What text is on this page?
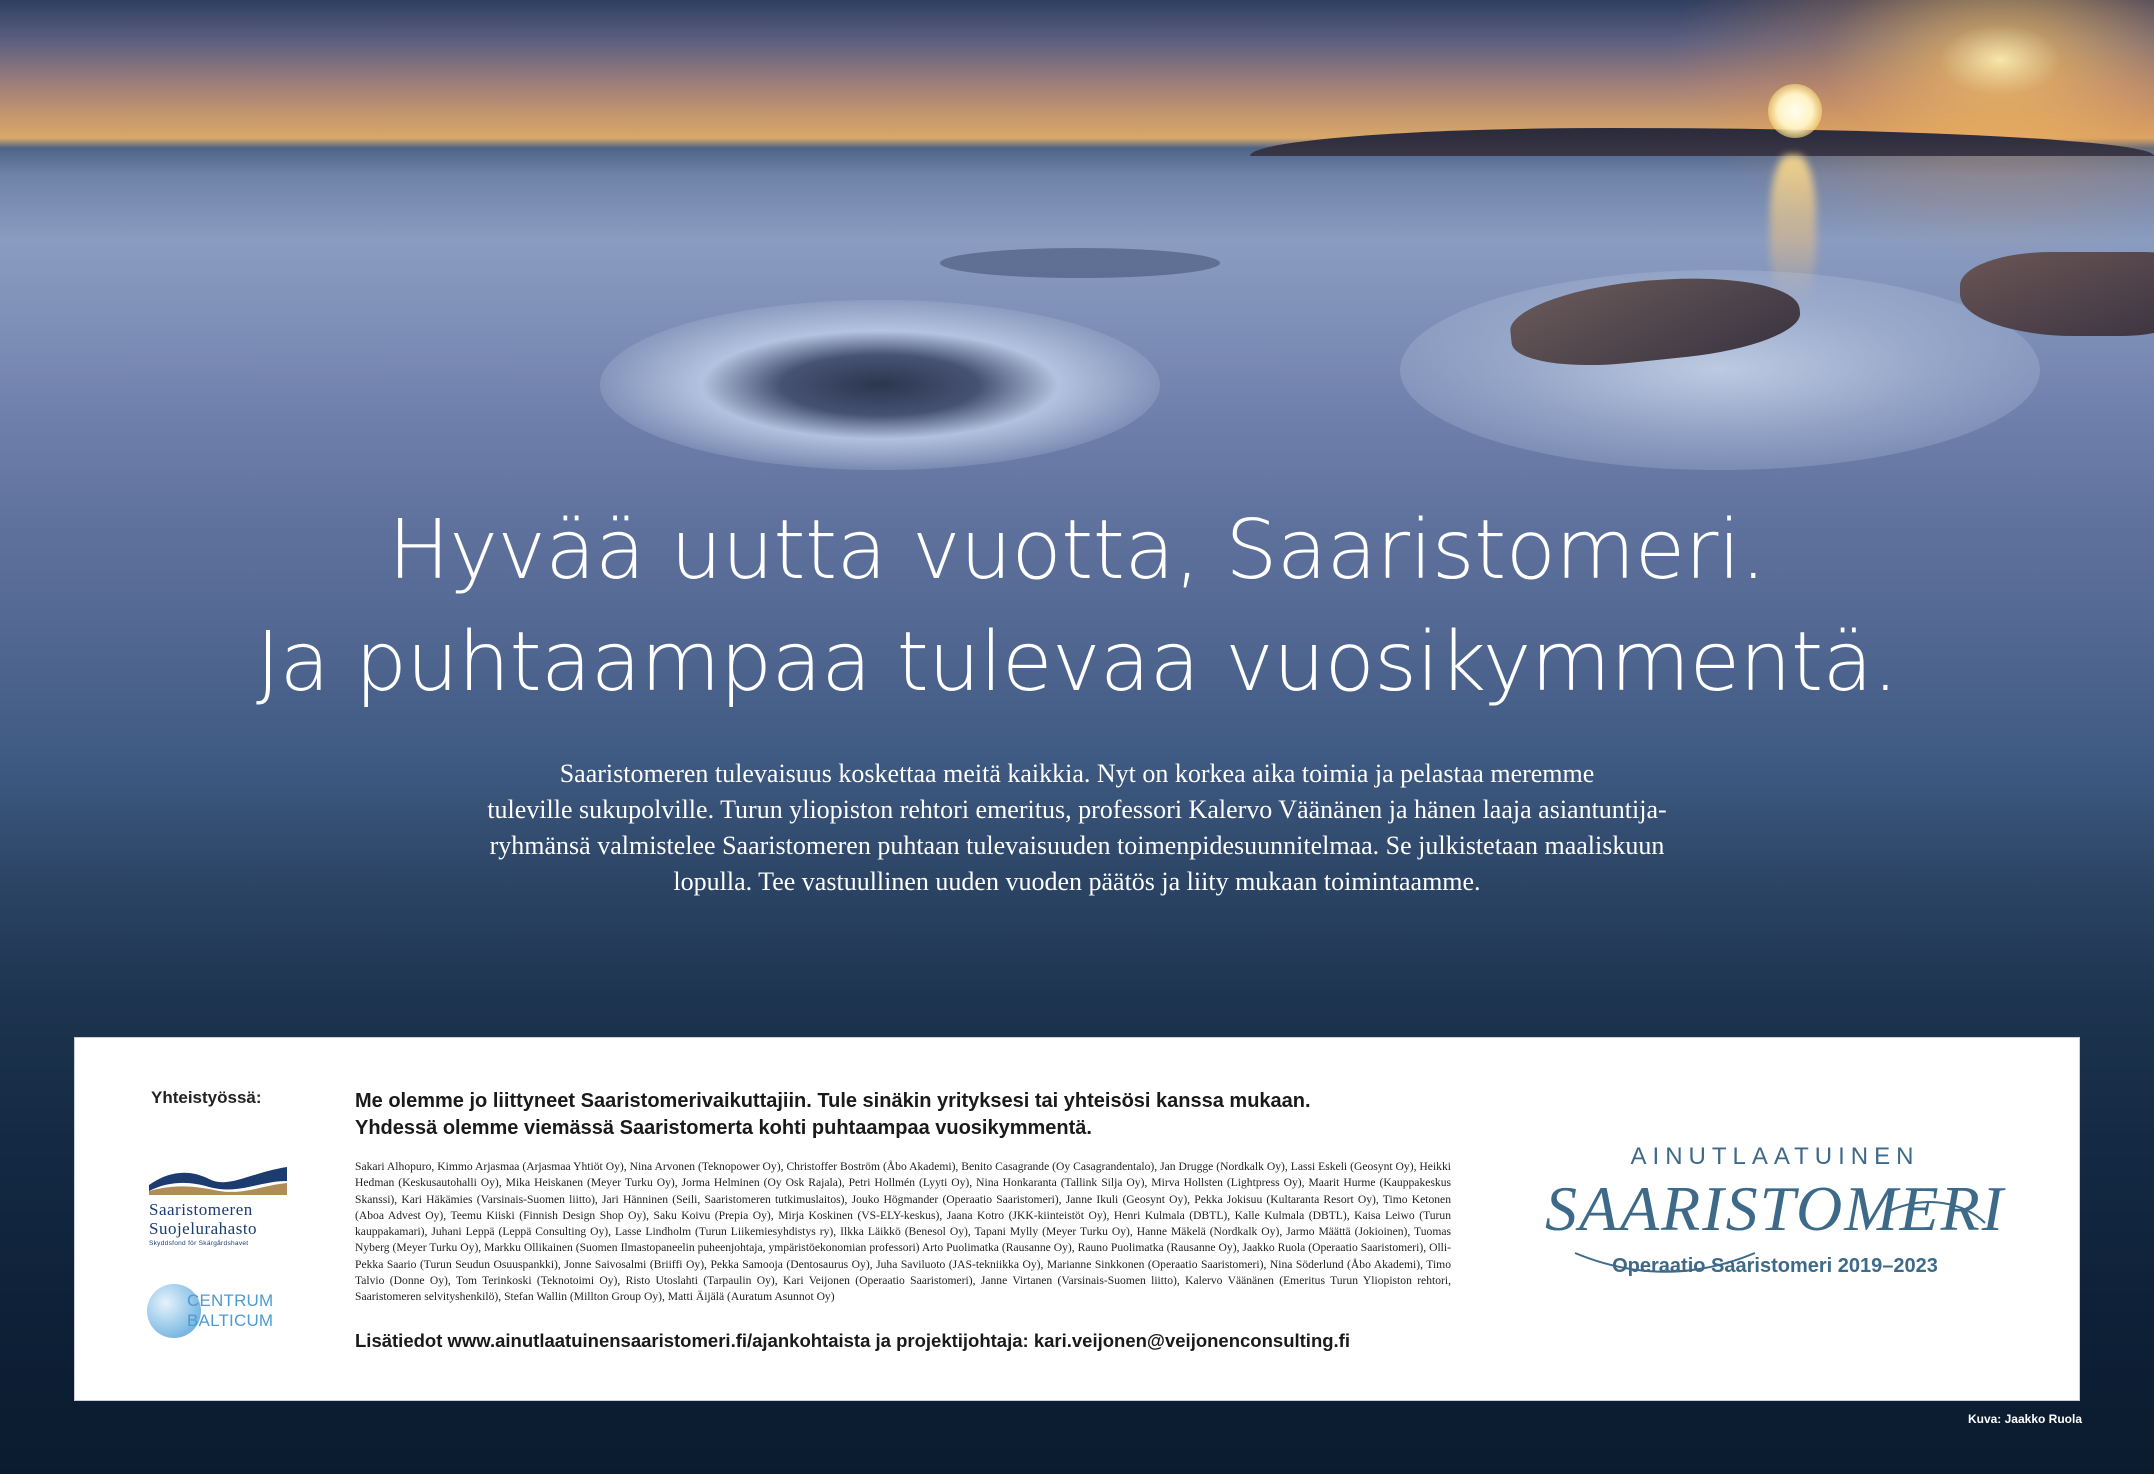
Hyvää uutta vuotta, Saaristomeri.
Ja puhtaampaa tulevaa vuosikymmentä.
Saaristomeren tulevaisuus koskettaa meitä kaikkia. Nyt on korkea aika toimia ja pelastaa meremme
tuleville sukupolville. Turun yliopiston rehtori emeritus, professori Kalervo Väänänen ja hänen laaja asiantuntija-
ryhmänsä valmistelee Saaristomeren puhtaan tulevaisuuden toimenpidesuunnitelmaa. Se julkistetaan maaliskuun
lopulla. Tee vastuullinen uuden vuoden päätös ja liity mukaan toimintaamme.
Yhteistyössä:
Saaristomeren
Suojelurahasto
Skyddsfond för Skärgårdshavet
CENTRUM
BALTICUM
Me olemme jo liittyneet Saaristomerivaikuttajiin. Tule sinäkin yrityksesi tai yhteisösi kanssa mukaan.
Yhdessä olemme viemässä Saaristomerta kohti puhtaampaa vuosikymmentä.
Sakari Alhopuro, Kimmo Arjasmaa (Arjasmaa Yhtiöt Oy), Nina Arvonen (Teknopower Oy), Christoffer Boström (Åbo Akademi), Benito Casagrande (Oy Casagrandentalo), Jan Drugge (Nordkalk Oy), Lassi Eskeli (Geosynt Oy), Heikki Hedman (Keskusautohalli Oy), Mika Heiskanen (Meyer Turku Oy), Jorma Helminen (Oy Osk Rajala), Petri Hollmén (Lyyti Oy), Nina Honkaranta (Tallink Silja Oy), Mirva Hollsten (Lightpress Oy), Maarit Hurme (Kauppakeskus Skanssi), Kari Häkämies (Varsinais-Suomen liitto), Jari Hänninen (Seili, Saaristomeren tutkimuslaitos), Jouko Högmander (Operaatio Saaristomeri), Janne Ikuli (Geosynt Oy), Pekka Jokisuu (Kultaranta Resort Oy), Timo Ketonen (Aboa Advest Oy), Teemu Kiiski (Finnish Design Shop Oy), Saku Koivu (Prepia Oy), Mirja Koskinen (VS-ELY-keskus), Jaana Kotro (JKK-kiinteistöt Oy), Henri Kulmala (DBTL), Kalle Kulmala (DBTL), Kaisa Leiwo (Turun kauppakamari), Juhani Leppä (Leppä Consulting Oy), Lasse Lindholm (Turun Liikemiesyhdistys ry), Ilkka Läikkö (Benesol Oy), Tapani Mylly (Meyer Turku Oy), Hanne Mäkelä (Nordkalk Oy), Jarmo Määttä (Jokioinen), Tuomas Nyberg (Meyer Turku Oy), Markku Ollikainen (Suomen Ilmastopaneelin puheenjohtaja, ympäristöekonomian professori) Arto Puolimatka (Rausanne Oy), Rauno Puolimatka (Rausanne Oy), Jaakko Ruola (Operaatio Saaristomeri), Olli-Pekka Saario (Turun Seudun Osuuspankki), Jonne Saivosalmi (Briiffi Oy), Pekka Samooja (Dentosaurus Oy), Juha Saviluoto (JAS-tekniikka Oy), Marianne Sinkkonen (Operaatio Saaristomeri), Nina Söderlund (Åbo Akademi), Timo Talvio (Donne Oy), Tom Terinkoski (Teknotoimi Oy), Risto Utoslahti (Tarpaulin Oy), Kari Veijonen (Operaatio Saaristomeri), Janne Virtanen (Varsinais-Suomen liitto), Kalervo Väänänen (Emeritus Turun Yliopiston rehtori, Saaristomeren selvityshenkilö), Stefan Wallin (Millton Group Oy), Matti Äijälä (Auratum Asunnot Oy)
Lisätiedot www.ainutlaatuinensaaristomeri.fi/ajankohtaista ja projektijohtaja: kari.veijonen@veijonenconsulting.fi
AINUTLAATUINEN
SAARISTOMERI
Operaatio Saaristomeri 2019–2023
Kuva: Jaakko Ruola
